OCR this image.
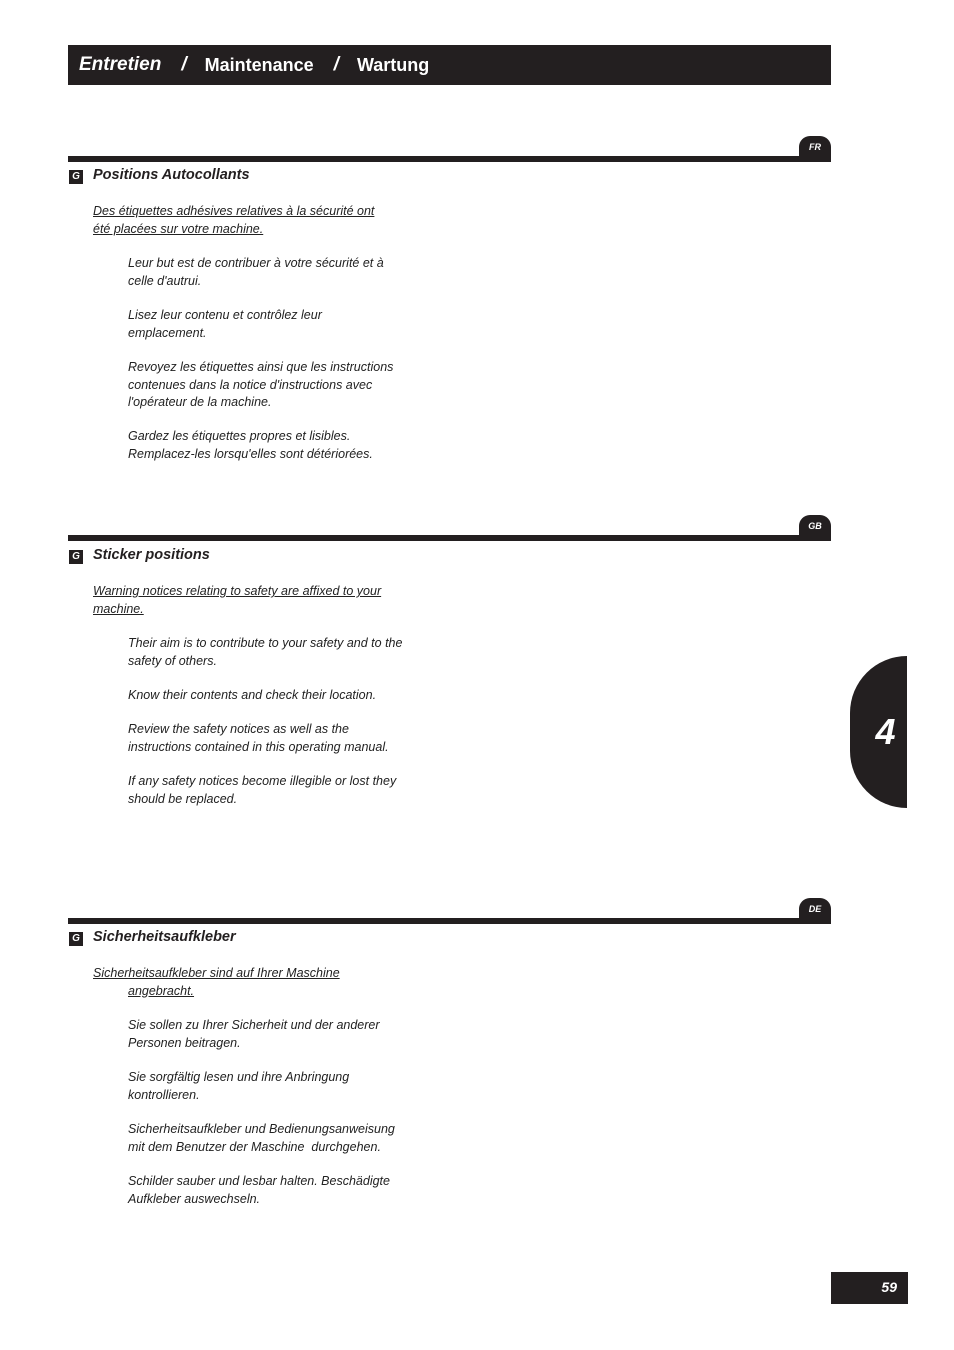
Entretien / Maintenance / Wartung
FR
G Positions Autocollants
Des étiquettes adhésives relatives à la sécurité ont
été placées sur votre machine.
Leur but est de contribuer à votre sécurité et à
celle d'autrui.
Lisez leur contenu et contrôlez leur
emplacement.
Revoyez les étiquettes ainsi que les instructions
contenues dans la notice d'instructions avec
l'opérateur de la machine.
Gardez les étiquettes propres et lisibles.
Remplacez-les lorsqu'elles sont détériorées.
GB
G Sticker positions
Warning notices relating to safety are affixed to your
machine.
Their aim is to contribute to your safety and to the
safety of others.
Know their contents and check their location.
Review the safety notices as well as the
instructions contained in this operating manual.
If any safety notices become illegible or lost they
should be replaced.
DE
G Sicherheitsaufkleber
Sicherheitsaufkleber sind auf Ihrer Maschine
angebracht.
Sie sollen zu Ihrer Sicherheit und der anderer
Personen beitragen.
Sie sorgfältig lesen und ihre Anbringung
kontrollieren.
Sicherheitsaufkleber und Bedienungsanweisung
mit dem Benutzer der Maschine  durchgehen.
Schilder sauber und lesbar halten. Beschädigte
Aufkleber auswechseln.
4
59
